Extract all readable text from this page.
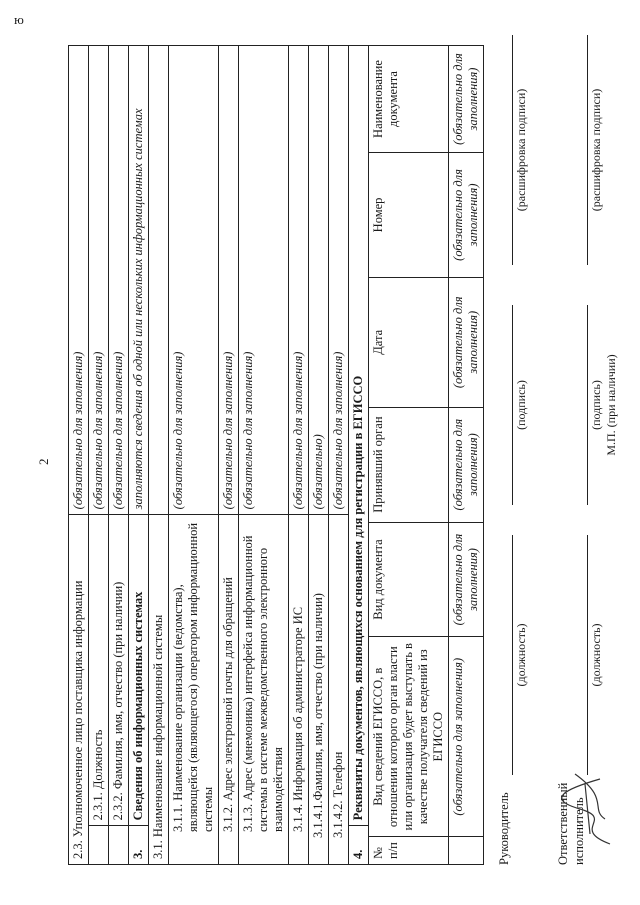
2
ю
2.3. Уполномоченное лицо поставщика информации		(обязательно для заполнения)
	2.3.1. Должность	(обязательно для заполнения)
	2.3.2. Фамилия, имя, отчество (при наличии)	(обязательно для заполнения)
3.	Сведения об информационных системах	заполняются сведения об одной или нескольких информационных системах
3.1. Наименование информационной системы		
3.1.1. Наименование организации (ведомства), являющейся (являющегося) оператором информационной системы		(обязательно для заполнения)
3.1.2. Адрес электронной почты для обращений		(обязательно для заполнения)
3.1.3. Адрес (мнемоника) интерфейса информационной системы в системе межведомственного электронного взаимодействия		(обязательно для заполнения)
3.1.4. Информация об администраторе ИС		(обязательно для заполнения)
3.1.4.1.Фамилия, имя, отчество (при наличии)		(обязательно)
3.1.4.2. Телефон		(обязательно для заполнения)
4.	Реквизиты документов, являющихся основанием для регистрации в ЕГИССО	
№ п/п	Вид сведений ЕГИССО, в отношении которого орган власти или организация будет выступать в качестве получателя сведений из ЕГИССО	Вид документа	Принявший орган	Дата	Номер	Наименование документа
	(обязательно для заполнения)	(обязательно для заполнения)	(обязательно для заполнения)	(обязательно для заполнения)	(обязательно для заполнения)	(обязательно для заполнения)
Руководитель
(должность)
(подпись)
(расшифровка подписи)
Ответственный исполнитель
(должность)
(подпись) М.П. (при наличии)
(расшифровка подписи)
